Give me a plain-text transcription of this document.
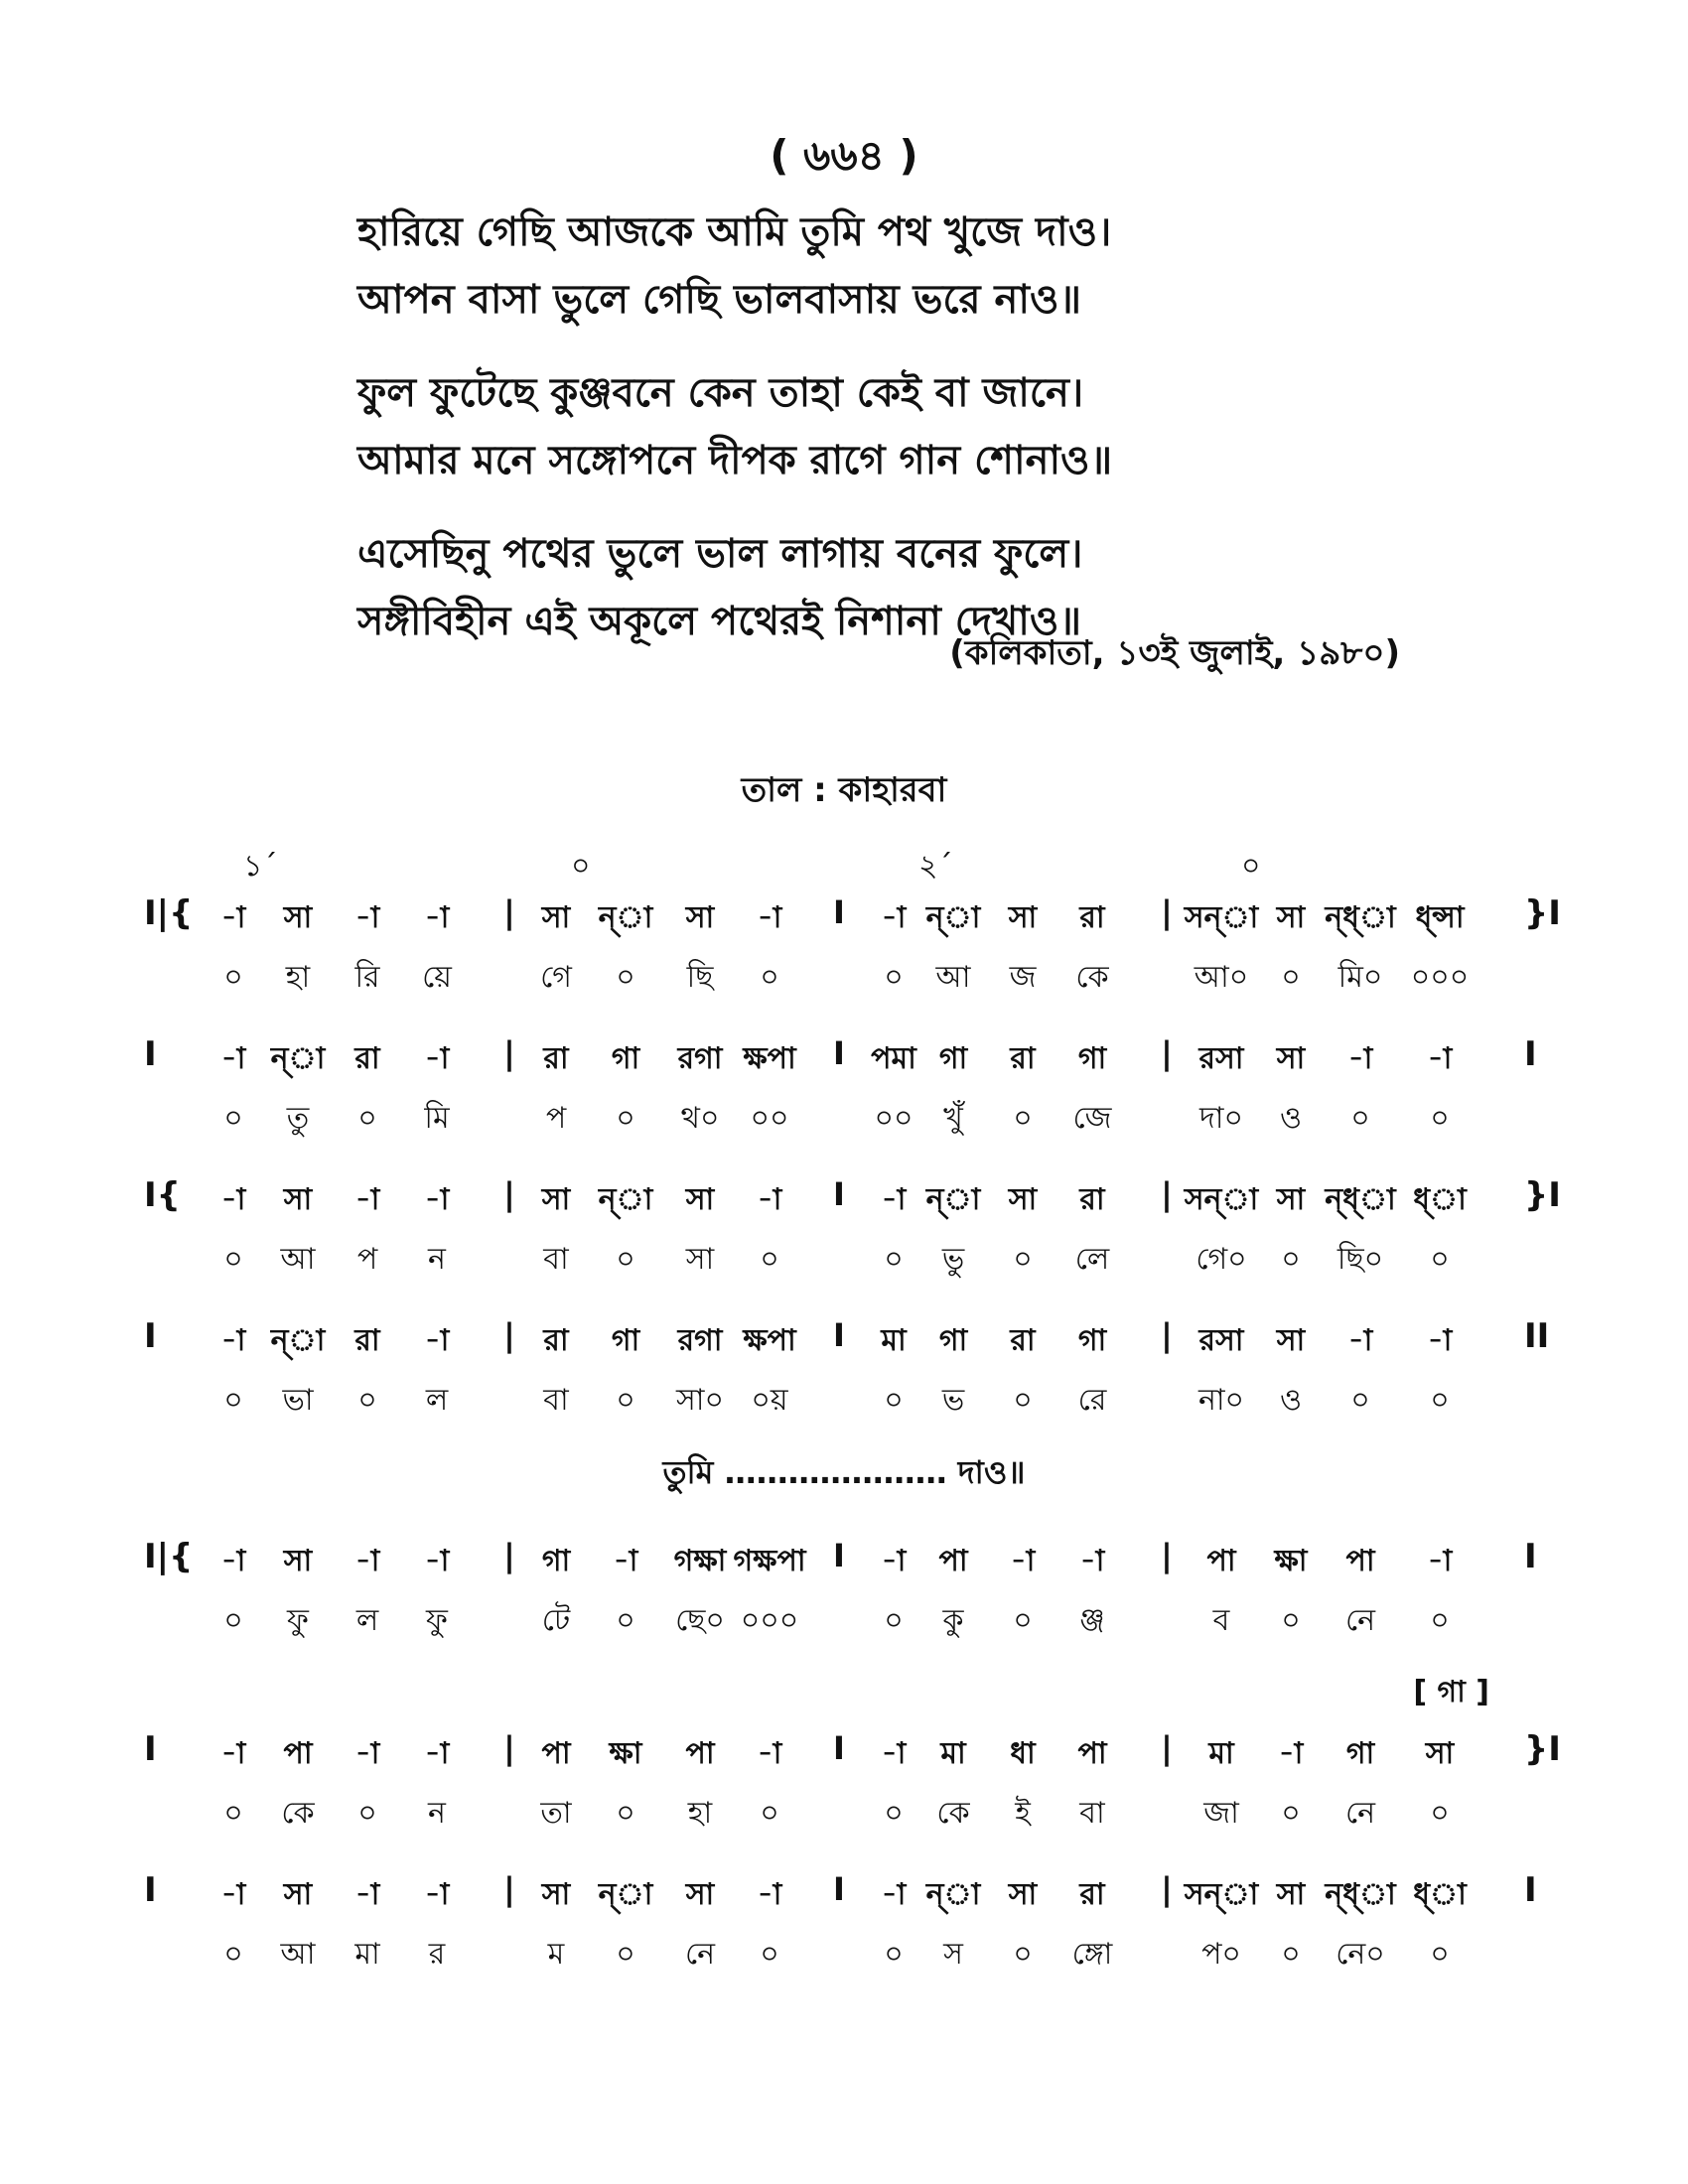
( ৬৬৪ )
হারিয়ে গেছি আজকে আমি তুমি পথ খুজে দাও।
আপন বাসা ভুলে গেছি ভালবাসায় ভরে নাও॥
ফুল ফুটেছে কুঞ্জবনে কেন তাহা কেই বা জানে।
আমার মনে সঙ্গোপনে দীপক রাগে গান শোনাও॥
এসেছিনু পথের ভুলে ভাল লাগায় বনের ফুলে।
সঙ্গীবিহীন এই অকূলে পথেরই নিশানা দেখাও॥
(কলিকাতা, ১৩ই জুলাই, ১৯৮০)
তাল : কাহারবা
১´	০	২´	০
I|{ -া সা -া -া | সা ন্া সা -া I -া ন্া সা রা | সন্া সা ন্ধ্া ধ্ন্সা }I
০ হা রি য়ে	গে ০ ছি ০	০ আ জ কে	আ০ ০ মি০ ০০০
I -া ন্া রা -া | রা গা রগা ক্ষপা I পমা গা রা গা | রসা সা -া -া I
০ তু ০ মি	প ০ থ০ ০০	০০ খুঁ ০ জে	দা০ ও ০ ০
I{ -া সা -া -া | সা ন্া সা -া I -া ন্া সা রা | সন্া সা ন্ধ্া ধ্া }I
০ আ প ন	বা ০ সা ০	০ ভু ০ লে	গে০ ০ ছি০ ০
I -া ন্া রা -া | রা গা রগা ক্ষপা I মা গা রা গা | রসা সা -া -া II
০ ভা ০ ল	বা ০ সা০ ০য়	০ ভ ০ রে	না০ ও ০ ০
তুমি ………………… দাও॥
I|{ -া সা -া -া | গা -া গক্ষা গক্ষপা I -া পা -া -া | পা ক্ষা পা -া I
০ ফু ল ফু	টে ০ ছে০ ০০০	০ কু ০ ঞ্জ	ব ০ নে ০
[ গা ]
I -া পা -া -া | পা ক্ষা পা -া I -া মা ধা পা | মা -া গা সা }I
০ কে ০ ন	তা ০ হা ০	০ কে ই বা	জা ০ নে ০
I -া সা -া -া | সা ন্া সা -া I -া ন্া সা রা | সন্া সা ন্ধ্া ধ্া I
০ আ মা র	ম ০ নে ০	০ স ০ ঙ্গো	প০ ০ নে০ ০
